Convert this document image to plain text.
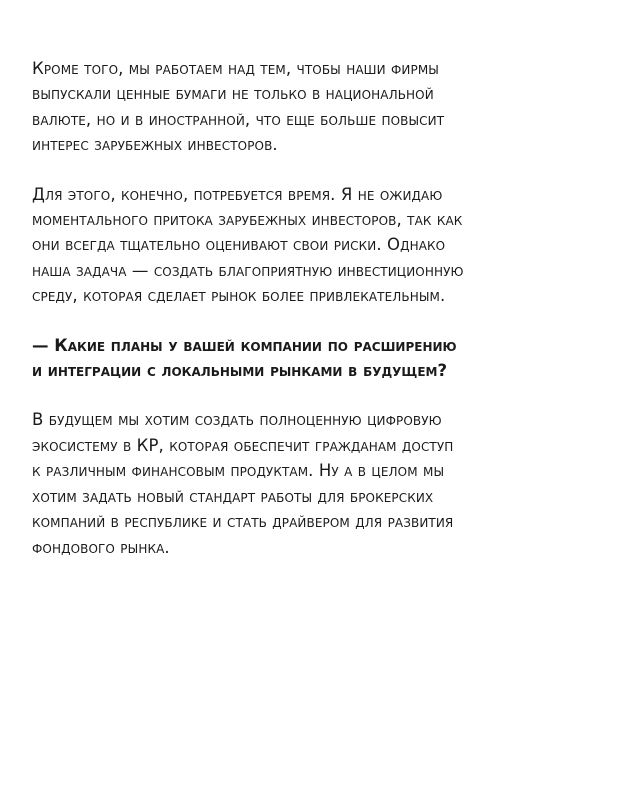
Кроме того, мы работаем над тем, чтобы наши фирмы
выпускали ценные бумаги не только в национальной
валюте, но и в иностранной, что еще больше повысит
интерес зарубежных инвесторов.

Для этого, конечно, потребуется время. Я не ожидаю
моментального притока зарубежных инвесторов, так как
они всегда тщательно оценивают свои риски. Однако
наша задача — создать благоприятную инвестиционную
среду, которая сделает рынок более привлекательным.

— Какие планы у вашей компании по расширению
и интеграции с локальными рынками в будущем?

В будущем мы хотим создать полноценную цифровую
экосистему в КР, которая обеспечит гражданам доступ
к различным финансовым продуктам. Ну а в целом мы
хотим задать новый стандарт работы для брокерских
компаний в республике и стать драйвером для развития
фондового рынка.
